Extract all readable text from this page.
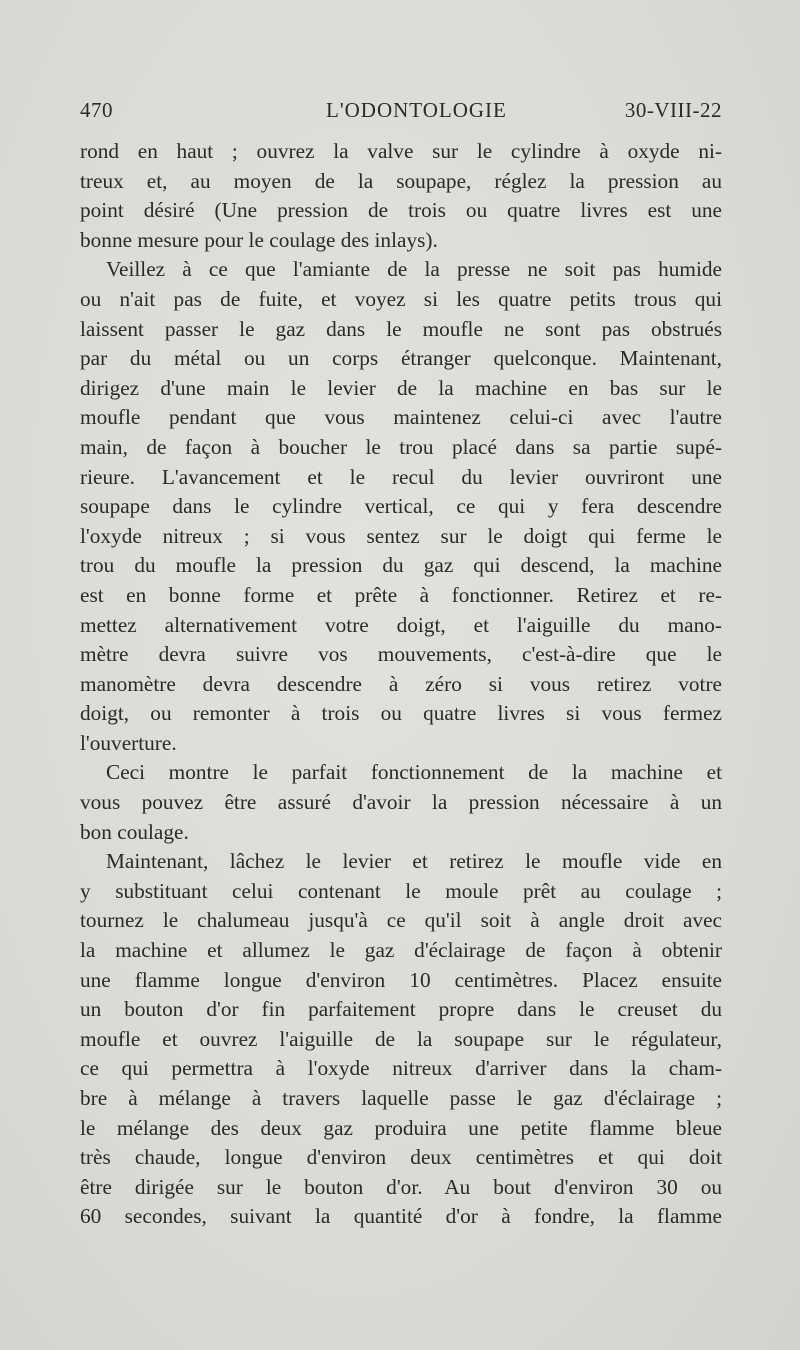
470	L'ODONTOLOGIE	30-VIII-22
rond en haut ; ouvrez la valve sur le cylindre à oxyde ni-
treux et, au moyen de la soupape, réglez la pression au
point désiré (Une pression de trois ou quatre livres est une
bonne mesure pour le coulage des inlays).
Veillez à ce que l'amiante de la presse ne soit pas humide
ou n'ait pas de fuite, et voyez si les quatre petits trous qui
laissent passer le gaz dans le moufle ne sont pas obstrués
par du métal ou un corps étranger quelconque. Maintenant,
dirigez d'une main le levier de la machine en bas sur le
moufle pendant que vous maintenez celui-ci avec l'autre
main, de façon à boucher le trou placé dans sa partie supé-
rieure. L'avancement et le recul du levier ouvriront une
soupape dans le cylindre vertical, ce qui y fera descendre
l'oxyde nitreux ; si vous sentez sur le doigt qui ferme le
trou du moufle la pression du gaz qui descend, la machine
est en bonne forme et prête à fonctionner. Retirez et re-
mettez alternativement votre doigt, et l'aiguille du mano-
mètre devra suivre vos mouvements, c'est-à-dire que le
manomètre devra descendre à zéro si vous retirez votre
doigt, ou remonter à trois ou quatre livres si vous fermez
l'ouverture.
Ceci montre le parfait fonctionnement de la machine et
vous pouvez être assuré d'avoir la pression nécessaire à un
bon coulage.
Maintenant, lâchez le levier et retirez le moufle vide en
y substituant celui contenant le moule prêt au coulage ;
tournez le chalumeau jusqu'à ce qu'il soit à angle droit avec
la machine et allumez le gaz d'éclairage de façon à obtenir
une flamme longue d'environ 10 centimètres. Placez ensuite
un bouton d'or fin parfaitement propre dans le creuset du
moufle et ouvrez l'aiguille de la soupape sur le régulateur,
ce qui permettra à l'oxyde nitreux d'arriver dans la cham-
bre à mélange à travers laquelle passe le gaz d'éclairage ;
le mélange des deux gaz produira une petite flamme bleue
très chaude, longue d'environ deux centimètres et qui doit
être dirigée sur le bouton d'or. Au bout d'environ 30 ou
60 secondes, suivant la quantité d'or à fondre, la flamme
